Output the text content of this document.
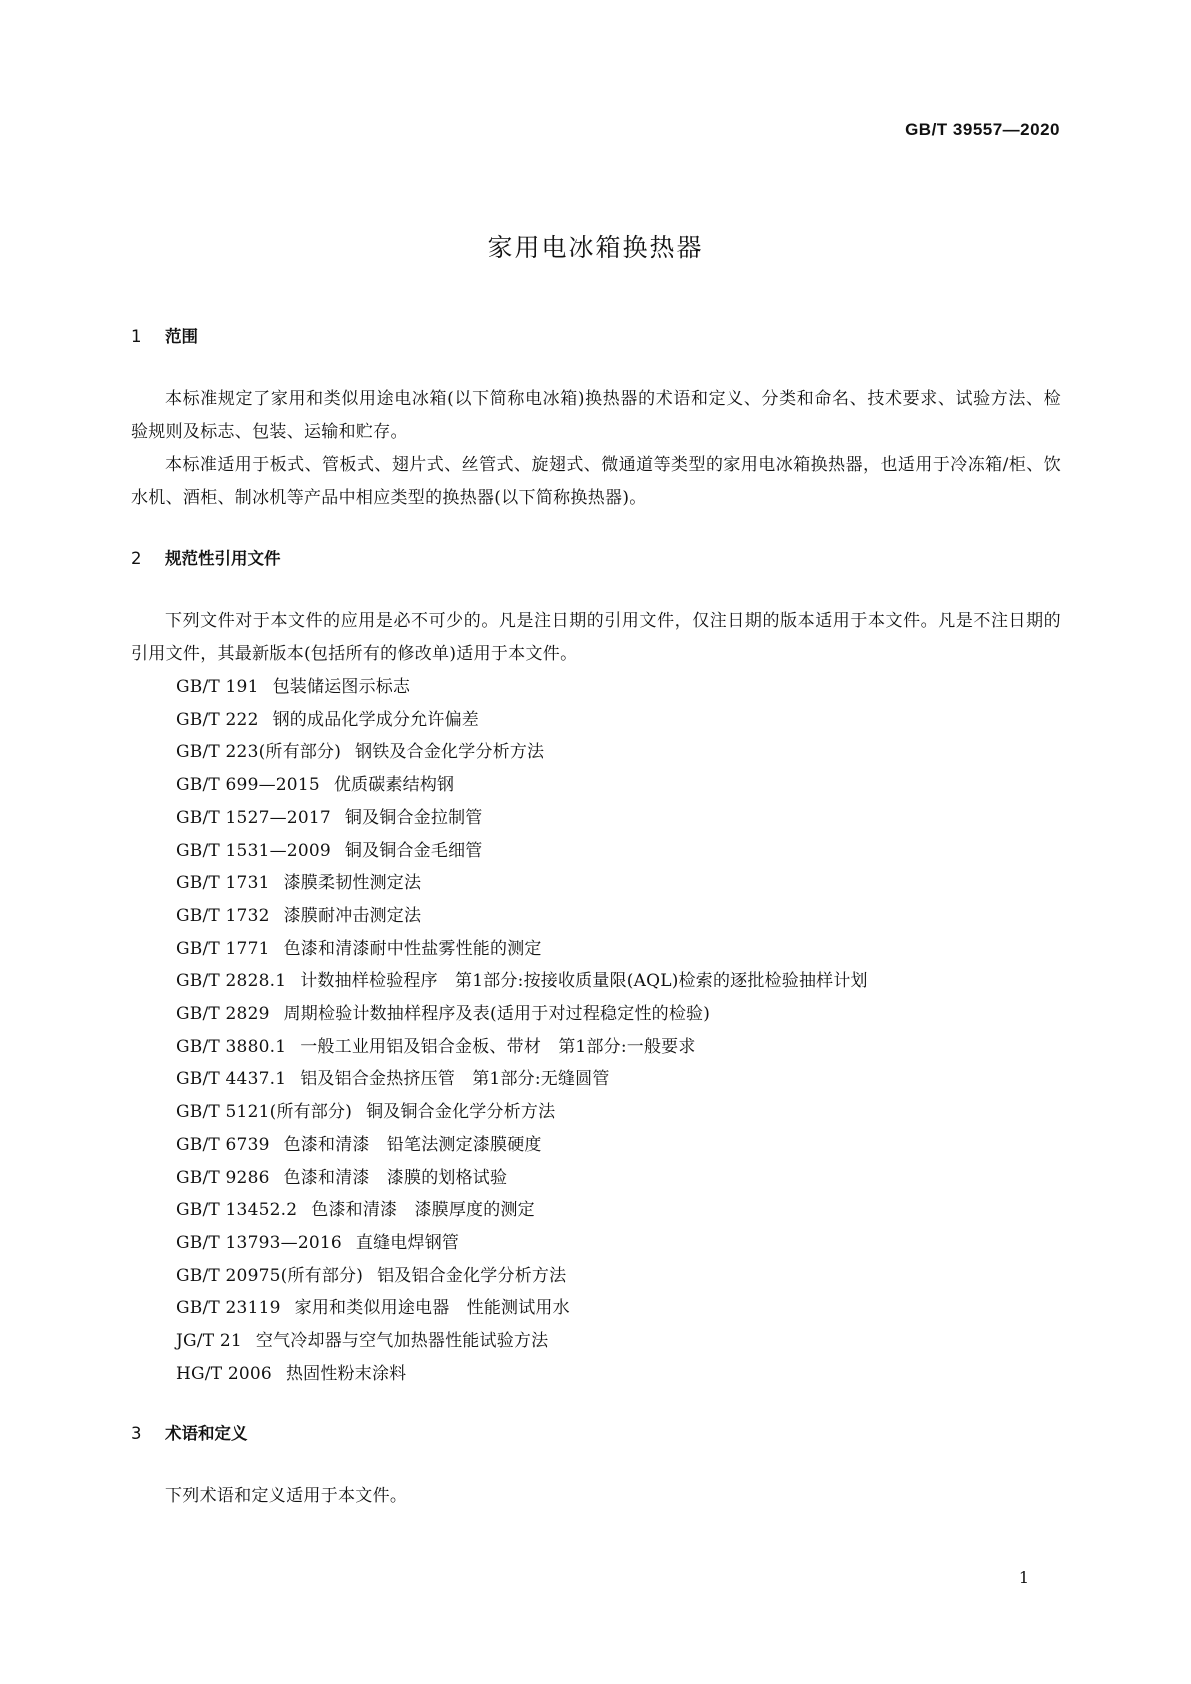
GB/T 39557—2020
家用电冰箱换热器
1 范围
本标准规定了家用和类似用途电冰箱(以下简称电冰箱)换热器的术语和定义、分类和命名、技术要求、试验方法、检验规则及标志、包装、运输和贮存。
本标准适用于板式、管板式、翅片式、丝管式、旋翅式、微通道等类型的家用电冰箱换热器，也适用于冷冻箱/柜、饮水机、酒柜、制冰机等产品中相应类型的换热器(以下简称换热器)。
2 规范性引用文件
下列文件对于本文件的应用是必不可少的。凡是注日期的引用文件，仅注日期的版本适用于本文件。凡是不注日期的引用文件，其最新版本(包括所有的修改单)适用于本文件。
GB/T 191 包装储运图示标志
GB/T 222 钢的成品化学成分允许偏差
GB/T 223(所有部分) 钢铁及合金化学分析方法
GB/T 699—2015 优质碳素结构钢
GB/T 1527—2017 铜及铜合金拉制管
GB/T 1531—2009 铜及铜合金毛细管
GB/T 1731 漆膜柔韧性测定法
GB/T 1732 漆膜耐冲击测定法
GB/T 1771 色漆和清漆耐中性盐雾性能的测定
GB/T 2828.1 计数抽样检验程序　第1部分:按接收质量限(AQL)检索的逐批检验抽样计划
GB/T 2829 周期检验计数抽样程序及表(适用于对过程稳定性的检验)
GB/T 3880.1 一般工业用铝及铝合金板、带材　第1部分:一般要求
GB/T 4437.1 铝及铝合金热挤压管　第1部分:无缝圆管
GB/T 5121(所有部分) 铜及铜合金化学分析方法
GB/T 6739 色漆和清漆　铅笔法测定漆膜硬度
GB/T 9286 色漆和清漆　漆膜的划格试验
GB/T 13452.2 色漆和清漆　漆膜厚度的测定
GB/T 13793—2016 直缝电焊钢管
GB/T 20975(所有部分) 铝及铝合金化学分析方法
GB/T 23119 家用和类似用途电器　性能测试用水
JG/T 21 空气冷却器与空气加热器性能试验方法
HG/T 2006 热固性粉末涂料
3 术语和定义
下列术语和定义适用于本文件。
1
